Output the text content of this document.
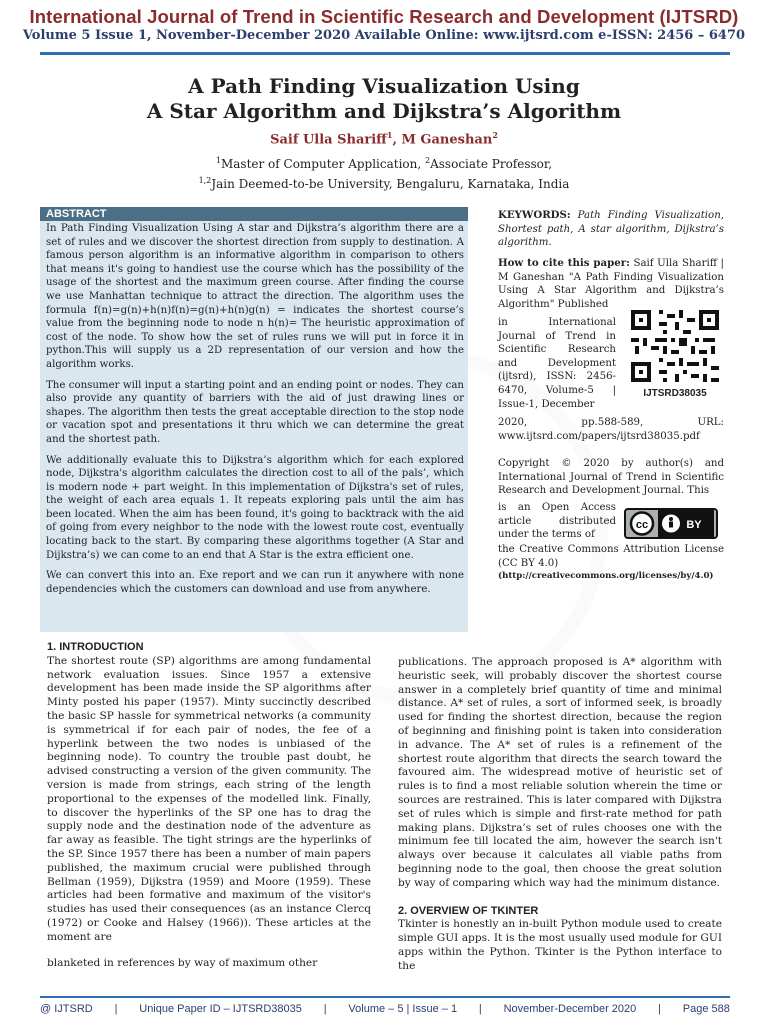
International Journal of Trend in Scientific Research and Development (IJTSRD)
Volume 5 Issue 1, November-December 2020 Available Online: www.ijtsrd.com e-ISSN: 2456 – 6470
A Path Finding Visualization Using
A Star Algorithm and Dijkstra’s Algorithm
Saif Ulla Shariff$^1$, M Ganeshan$^2$
$^1$Master of Computer Application, $^2$Associate Professor,
$^{1,2}$Jain Deemed-to-be University, Bengaluru, Karnataka, India
ABSTRACT

In Path Finding Visualization Using A star and Dijkstra’s algorithm there are a set of rules and we discover the shortest direction from supply to destination. A famous person algorithm is an informative algorithm in comparison to others that means it's going to handiest use the course which has the possibility of the usage of the shortest and the maximum green course. After finding the course we use Manhattan technique to attract the direction. The algorithm uses the formula f(n)=g(n)+h(n)f(n)=g(n)+h(n)g(n) = indicates the shortest course’s value from the beginning node to node n h(n)= The heuristic approximation of cost of the node. To show how the set of rules runs we will put in force it in python.This will supply us a 2D representation of our version and how the algorithm works.

The consumer will input a starting point and an ending point or nodes. They can also provide any quantity of barriers with the aid of just drawing lines or shapes. The algorithm then tests the great acceptable direction to the stop node or vacation spot and presentations it thru which we can determine the great and the shortest path.

We additionally evaluate this to Dijkstra’s algorithm which for each explored node, Dijkstra's algorithm calculates the direction cost to all of the pals’, which is modern node + part weight. In this implementation of Dijkstra's set of rules, the weight of each area equals 1. It repeats exploring pals until the aim has been located. When the aim has been found, it's going to backtrack with the aid of going from every neighbor to the node with the lowest route cost, eventually locating back to the start. By comparing these algorithms together (A Star and Dijkstra’s) we can come to an end that A Star is the extra efficient one.

We can convert this into an. Exe report and we can run it anywhere with none dependencies which the customers can download and use from anywhere.

KEYWORDS: Path Finding Visualization, Shortest path, A star algorithm, Dijkstra’s algorithm.
How to cite this paper: Saif Ulla Shariff | M Ganeshan "A Path Finding Visualization Using A Star Algorithm and Dijkstra’s Algorithm" Published
in International Journal of Trend in Scientific Research and Development (ijtsrd), ISSN: 2456-6470, Volume-5 | Issue-1, December
2020, pp.588-589, URL: www.ijtsrd.com/papers/ijtsrd38035.pdf
IJTSRD38035
Copyright © 2020 by author(s) and International Journal of Trend in Scientific Research and Development Journal. This
is an Open Access article distributed under the terms of
the Creative Commons Attribution License (CC BY 4.0)
(http://creativecommons.org/licenses/by/4.0)
cc	BY

1. INTRODUCTION

The shortest route (SP) algorithms are among fundamental network evaluation issues. Since 1957 a extensive development has been made inside the SP algorithms after Minty posted his paper (1957). Minty succinctly described the basic SP hassle for symmetrical networks (a community is symmetrical if for each pair of nodes, the fee of a hyperlink between the two nodes is unbiased of the beginning node). To country the trouble past doubt, he advised constructing a version of the given community. The version is made from strings, each string of the length proportional to the expenses of the modelled link. Finally, to discover the hyperlinks of the SP one has to drag the supply node and the destination node of the adventure as far away as feasible. The tight strings are the hyperlinks of the SP. Since 1957 there has been a number of main papers published, the maximum crucial were published through Bellman (1959), Dijkstra (1959) and Moore (1959). These articles had been formative and maximum of the visitor's studies has used their consequences (as an instance Clercq (1972) or Cooke and Halsey (1966)). These articles at the moment are

blanketed in references by way of maximum other

publications. The approach proposed is A* algorithm with heuristic seek, will probably discover the shortest course answer in a completely brief quantity of time and minimal distance. A* set of rules, a sort of informed seek, is broadly used for finding the shortest direction, because the region of beginning and finishing point is taken into consideration in advance. The A* set of rules is a refinement of the shortest route algorithm that directs the search toward the favoured aim. The widespread motive of heuristic set of rules is to find a most reliable solution wherein the time or sources are restrained. This is later compared with Dijkstra set of rules which is simple and first-rate method for path making plans. Dijkstra’s set of rules chooses one with the minimum fee till located the aim, however the search isn't always over because it calculates all viable paths from beginning node to the goal, then choose the great solution by way of comparing which way had the minimum distance.

2. OVERVIEW OF TKINTER

Tkinter is honestly an in-built Python module used to create simple GUI apps. It is the most usually used module for GUI apps within the Python. Tkinter is the Python interface to the

@ IJTSRD | Unique Paper ID – IJTSRD38035 | Volume – 5 | Issue – 1 | November-December 2020 | Page 588
